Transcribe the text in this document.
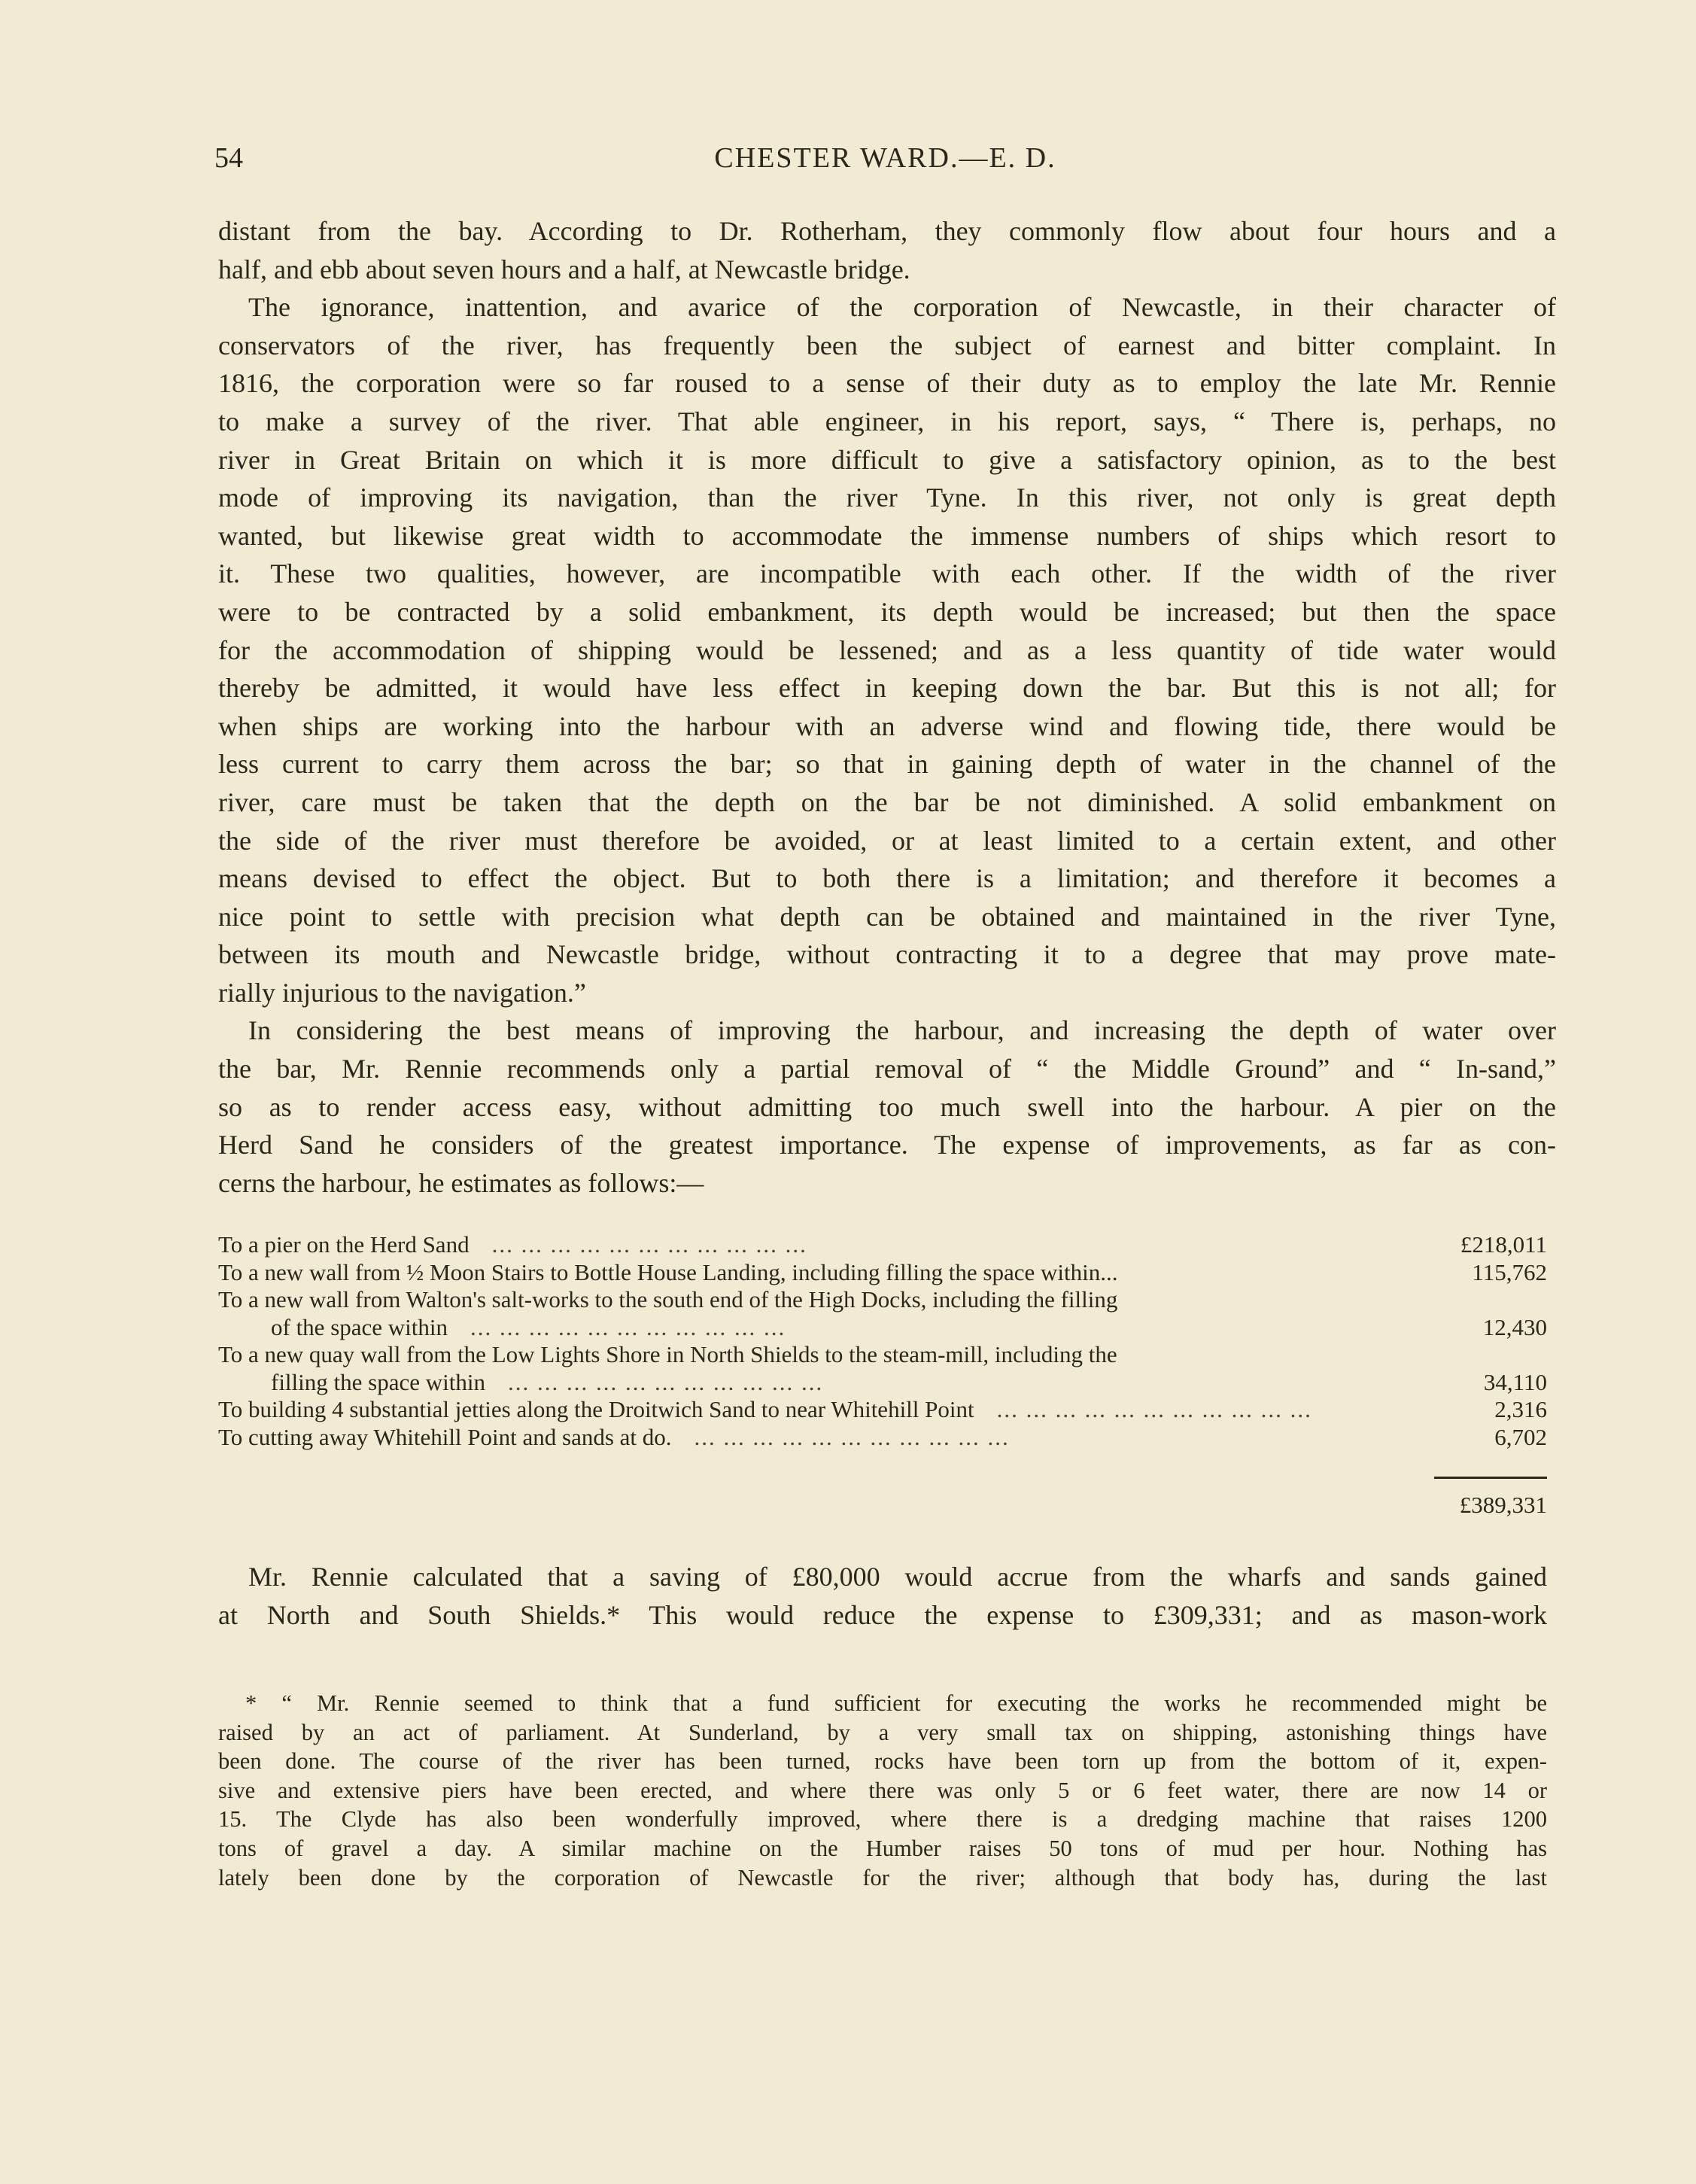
54	CHESTER WARD.—E. D.
distant from the bay. According to Dr. Rotherham, they commonly flow about four hours and a
half, and ebb about seven hours and a half, at Newcastle bridge.
The ignorance, inattention, and avarice of the corporation of Newcastle, in their character of
conservators of the river, has frequently been the subject of earnest and bitter complaint. In
1816, the corporation were so far roused to a sense of their duty as to employ the late Mr. Rennie
to make a survey of the river. That able engineer, in his report, says, “ There is, perhaps, no
river in Great Britain on which it is more difficult to give a satisfactory opinion, as to the best
mode of improving its navigation, than the river Tyne. In this river, not only is great depth
wanted, but likewise great width to accommodate the immense numbers of ships which resort to
it. These two qualities, however, are incompatible with each other. If the width of the river
were to be contracted by a solid embankment, its depth would be increased; but then the space
for the accommodation of shipping would be lessened; and as a less quantity of tide water would
thereby be admitted, it would have less effect in keeping down the bar. But this is not all; for
when ships are working into the harbour with an adverse wind and flowing tide, there would be
less current to carry them across the bar; so that in gaining depth of water in the channel of the
river, care must be taken that the depth on the bar be not diminished. A solid embankment on
the side of the river must therefore be avoided, or at least limited to a certain extent, and other
means devised to effect the object. But to both there is a limitation; and therefore it becomes a
nice point to settle with precision what depth can be obtained and maintained in the river Tyne,
between its mouth and Newcastle bridge, without contracting it to a degree that may prove mate-
rially injurious to the navigation.”
In considering the best means of improving the harbour, and increasing the depth of water over
the bar, Mr. Rennie recommends only a partial removal of “ the Middle Ground” and “ In-sand,”
so as to render access easy, without admitting too much swell into the harbour. A pier on the
Herd Sand he considers of the greatest importance. The expense of improvements, as far as con-
cerns the harbour, he estimates as follows:—
To a pier on the Herd Sand ... ... ... ... ... ... ... ... ... ... ...	£218,011
To a new wall from ½ Moon Stairs to Bottle House Landing, including filling the space within...	115,762
To a new wall from Walton's salt-works to the south end of the High Docks, including the filling
of the space within ... ... ... ... ... ... ... ... ... ... ...	12,430
To a new quay wall from the Low Lights Shore in North Shields to the steam-mill, including the
filling the space within ... ... ... ... ... ... ... ... ... ... ...	34,110
To building 4 substantial jetties along the Droitwich Sand to near Whitehill Point ... ... ... ... ... ... ... ... ... ... ...	2,316
To cutting away Whitehill Point and sands at do. ... ... ... ... ... ... ... ... ... ... ...	6,702
£389,331
Mr. Rennie calculated that a saving of £80,000 would accrue from the wharfs and sands gained
at North and South Shields.* This would reduce the expense to £309,331; and as mason-work
* “ Mr. Rennie seemed to think that a fund sufficient for executing the works he recommended might be
raised by an act of parliament. At Sunderland, by a very small tax on shipping, astonishing things have
been done. The course of the river has been turned, rocks have been torn up from the bottom of it, expen-
sive and extensive piers have been erected, and where there was only 5 or 6 feet water, there are now 14 or
15. The Clyde has also been wonderfully improved, where there is a dredging machine that raises 1200
tons of gravel a day. A similar machine on the Humber raises 50 tons of mud per hour. Nothing has
lately been done by the corporation of Newcastle for the river; although that body has, during the last
